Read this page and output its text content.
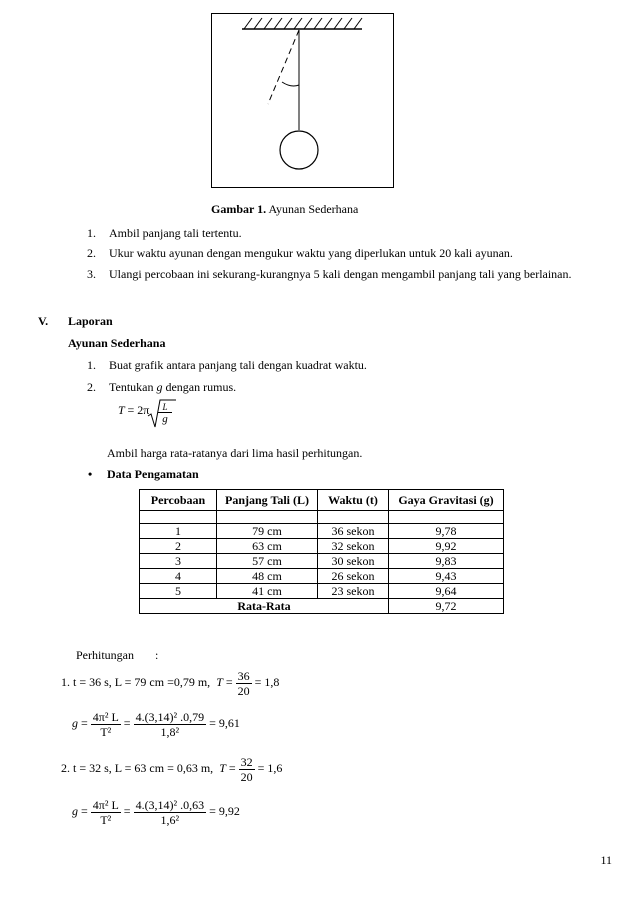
Gambar 1. Ayunan Sederhana
1. Ambil panjang tali tertentu.
2. Ukur waktu ayunan dengan mengukur waktu yang diperlukan untuk 20 kali ayunan.
3. Ulangi percobaan ini sekurang-kurangnya 5 kali dengan mengambil panjang tali yang berlainan.
V. Laporan
Ayunan Sederhana
1. Buat grafik antara panjang tali dengan kuadrat waktu.
2. Tentukan g dengan rumus.
T = 2π	L
g
Ambil harga rata-ratanya dari lima hasil perhitungan.
• Data Pengamatan
Percobaan	Panjang Tali (L)	Waktu (t)	Gaya Gravitasi (g)

1	79 cm	36 sekon	9,78
2	63 cm	32 sekon	9,92
3	57 cm	30 sekon	9,83
4	48 cm	26 sekon	9,43
5	41 cm	23 sekon	9,64
Rata-Rata			9,72
Perhitungan :
1. t = 36 s, L = 79 cm =0,79 m,  $T = \frac{36}{20} = 1,8$
$g = \frac{\text{4π² L}}{\text{T²}} = \frac{\text{4.(3,14)² .0,79}}{\text{1,8²}} = 9,61$
2. t = 32 s, L = 63 cm = 0,63 m,  $T = \frac{32}{20} = 1,6$
$g = \frac{\text{4π² L}}{\text{T²}} = \frac{\text{4.(3,14)² .0,63}}{\text{1,6²}} = 9,92$
11
